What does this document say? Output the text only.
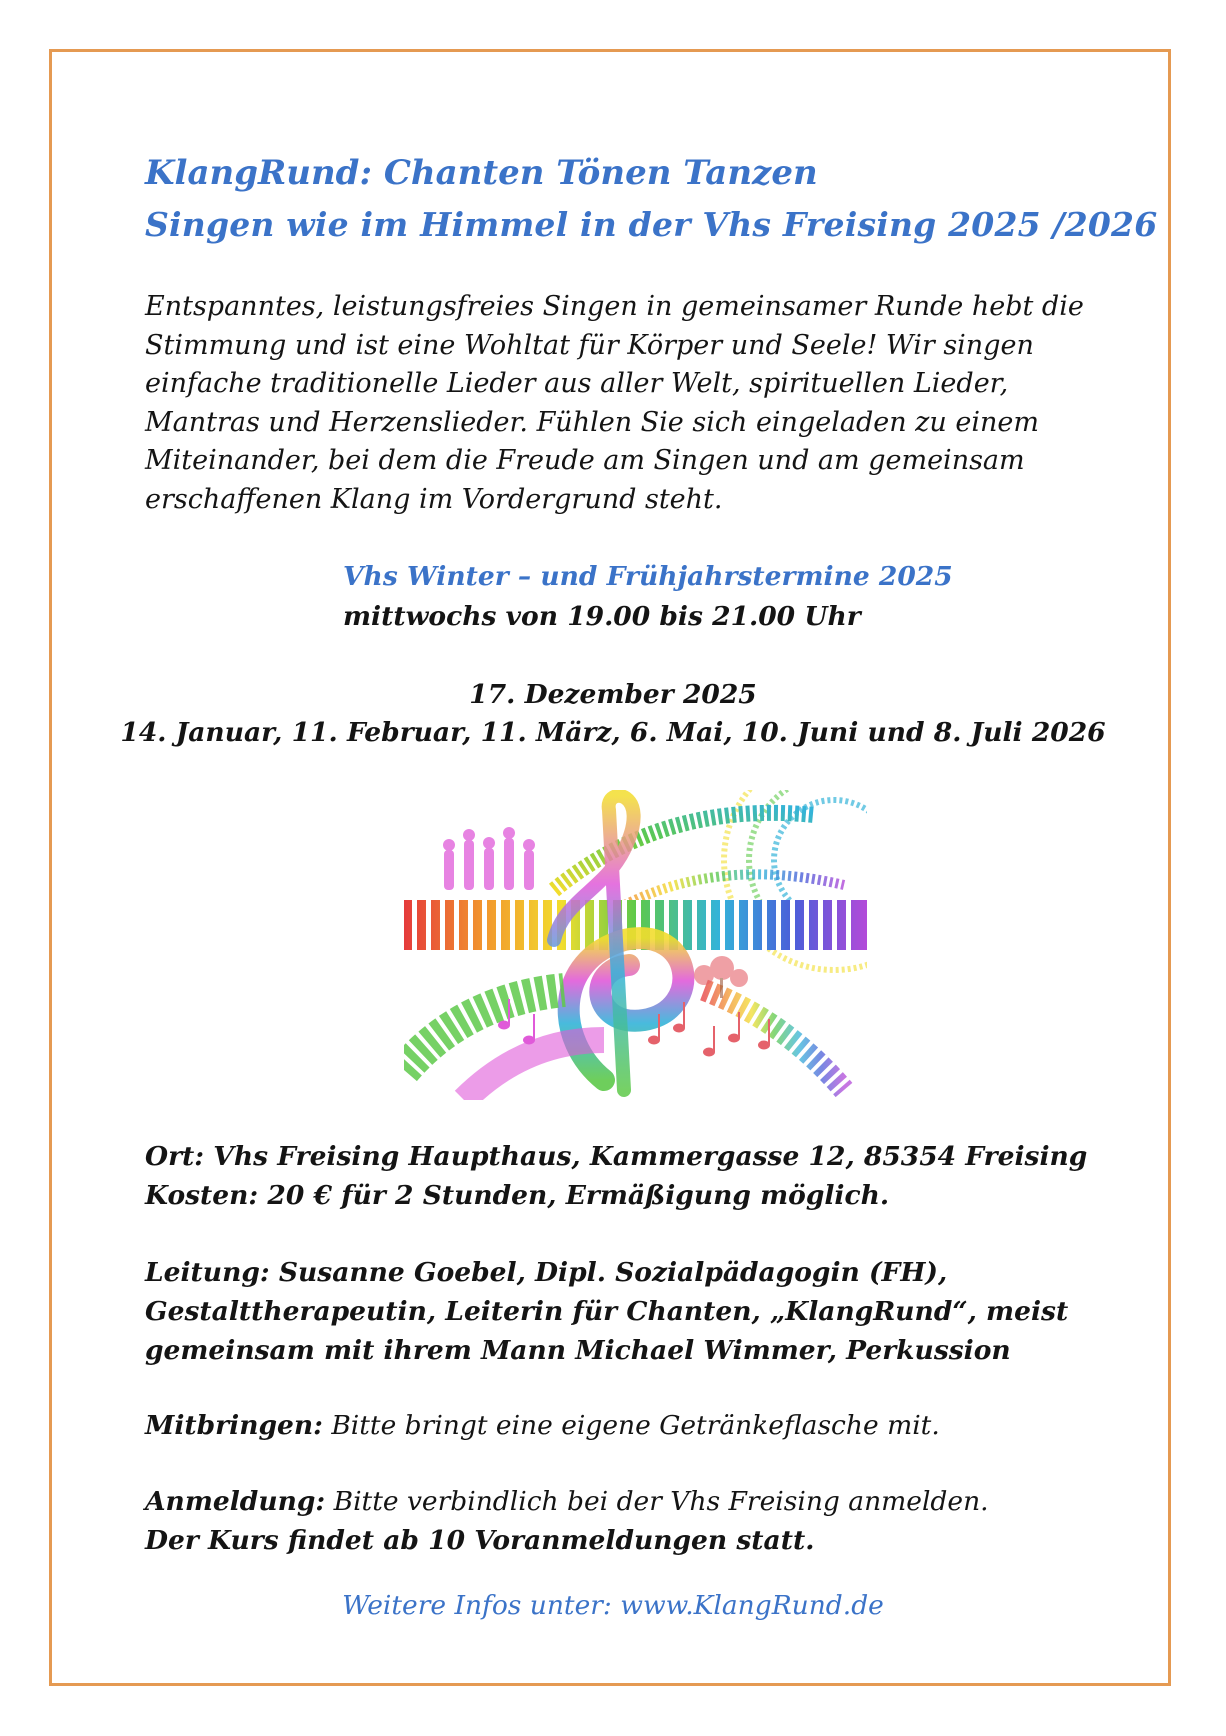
KlangRund: Chanten Tönen Tanzen
Singen wie im Himmel in der Vhs Freising 2025 /2026
Entspanntes, leistungsfreies Singen in gemeinsamer Runde hebt die
Stimmung und ist eine Wohltat für Körper und Seele! Wir singen
einfache traditionelle Lieder aus aller Welt, spirituellen Lieder,
Mantras und Herzenslieder. Fühlen Sie sich eingeladen zu einem
Miteinander, bei dem die Freude am Singen und am gemeinsam
erschaffenen Klang im Vordergrund steht.
Vhs Winter – und Frühjahrstermine 2025
mittwochs von 19.00 bis 21.00 Uhr
17. Dezember 2025
14. Januar, 11. Februar, 11. März, 6. Mai, 10. Juni und 8. Juli 2026
Ort: Vhs Freising Haupthaus, Kammergasse 12, 85354 Freising
Kosten: 20 € für 2 Stunden, Ermäßigung möglich.
Leitung: Susanne Goebel, Dipl. Sozialpädagogin (FH),
Gestalttherapeutin, Leiterin für Chanten, „KlangRund“, meist
gemeinsam mit ihrem Mann Michael Wimmer, Perkussion
Mitbringen: Bitte bringt eine eigene Getränkeflasche mit.
Anmeldung: Bitte verbindlich bei der Vhs Freising anmelden.
Der Kurs findet ab 10 Voranmeldungen statt.
Weitere Infos unter: www.KlangRund.de
